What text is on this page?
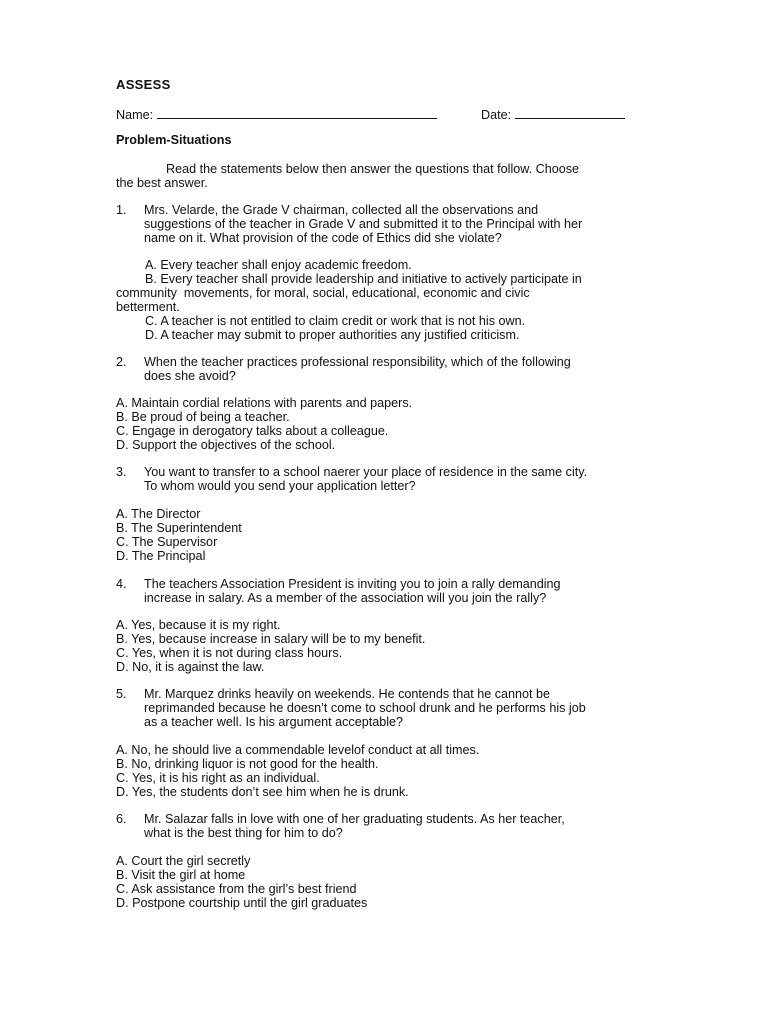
ASSESS
Name:	Date:
Problem-Situations
Read the statements below then answer the questions that follow. Choose
the best answer.
1. Mrs. Velarde, the Grade V chairman, collected all the observations and
suggestions of the teacher in Grade V and submitted it to the Principal with her
name on it. What provision of the code of Ethics did she violate?
A. Every teacher shall enjoy academic freedom.
B. Every teacher shall provide leadership and initiative to actively participate in
community  movements, for moral, social, educational, economic and civic
betterment.
C. A teacher is not entitled to claim credit or work that is not his own.
D. A teacher may submit to proper authorities any justified criticism.
2. When the teacher practices professional responsibility, which of the following
does she avoid?
A. Maintain cordial relations with parents and papers.
B. Be proud of being a teacher.
C. Engage in derogatory talks about a colleague.
D. Support the objectives of the school.
3. You want to transfer to a school naerer your place of residence in the same city.
To whom would you send your application letter?
A. The Director
B. The Superintendent
C. The Supervisor
D. The Principal
4. The teachers Association President is inviting you to join a rally demanding
increase in salary. As a member of the association will you join the rally?
A. Yes, because it is my right.
B. Yes, because increase in salary will be to my benefit.
C. Yes, when it is not during class hours.
D. No, it is against the law.
5. Mr. Marquez drinks heavily on weekends. He contends that he cannot be
reprimanded because he doesn’t come to school drunk and he performs his job
as a teacher well. Is his argument acceptable?
A. No, he should live a commendable levelof conduct at all times.
B. No, drinking liquor is not good for the health.
C. Yes, it is his right as an individual.
D. Yes, the students don’t see him when he is drunk.
6. Mr. Salazar falls in love with one of her graduating students. As her teacher,
what is the best thing for him to do?
A. Court the girl secretly
B. Visit the girl at home
C. Ask assistance from the girl’s best friend
D. Postpone courtship until the girl graduates
